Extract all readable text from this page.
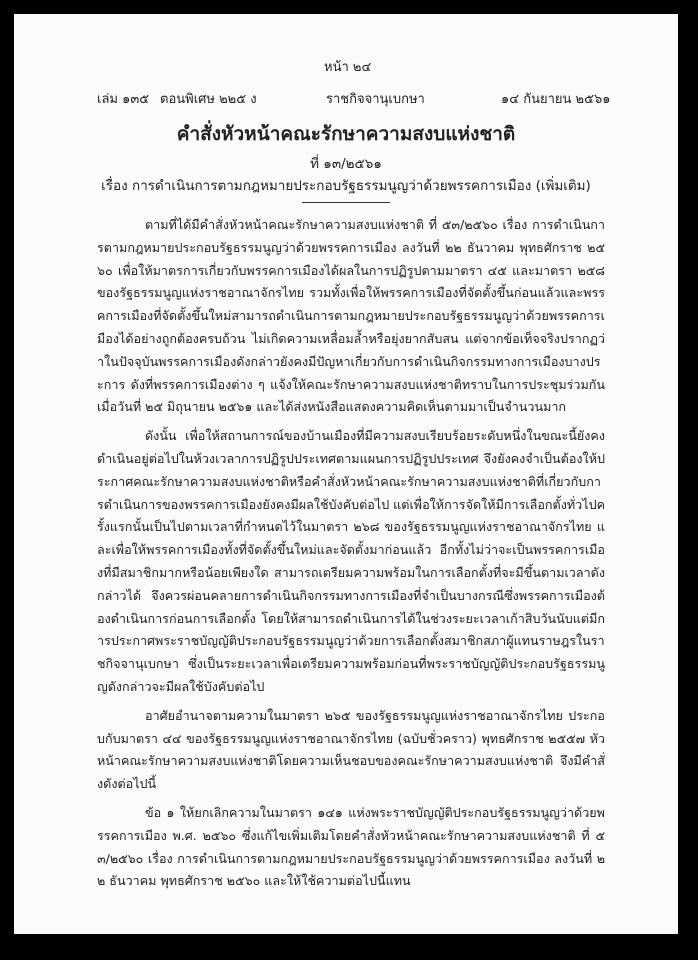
หน้า ๒๔
เล่ม ๑๓๕ ตอนพิเศษ ๒๒๕ ง	ราชกิจจานุเบกษา	๑๔ กันยายน ๒๕๖๑
คำสั่งหัวหน้าคณะรักษาความสงบแห่งชาติ
ที่ ๑๓/๒๕๖๑
เรื่อง การดำเนินการตามกฎหมายประกอบรัฐธรรมนูญว่าด้วยพรรคการเมือง (เพิ่มเติม)

ตามที่ได้มีคำสั่งหัวหน้าคณะรักษาความสงบแห่งชาติ ที่ ๕๓/๒๕๖๐ เรื่อง การดำเนินการตามกฎหมายประกอบรัฐธรรมนูญว่าด้วยพรรคการเมือง ลงวันที่ ๒๒ ธันวาคม พุทธศักราช ๒๕๖๐ เพื่อให้มาตรการเกี่ยวกับพรรคการเมืองได้ผลในการปฏิรูปตามมาตรา ๔๕ และมาตรา ๒๕๘ ของรัฐธรรมนูญแห่งราชอาณาจักรไทย รวมทั้งเพื่อให้พรรคการเมืองที่จัดตั้งขึ้นก่อนแล้วและพรรคการเมืองที่จัดตั้งขึ้นใหม่สามารถดำเนินการตามกฎหมายประกอบรัฐธรรมนูญว่าด้วยพรรคการเมืองได้อย่างถูกต้องครบถ้วน ไม่เกิดความเหลื่อมล้ำหรือยุ่งยากสับสน แต่จากข้อเท็จจริงปรากฏว่าในปัจจุบันพรรคการเมืองดังกล่าวยังคงมีปัญหาเกี่ยวกับการดำเนินกิจกรรมทางการเมืองบางประการ ดังที่พรรคการเมืองต่าง ๆ แจ้งให้คณะรักษาความสงบแห่งชาติทราบในการประชุมร่วมกันเมื่อวันที่ ๒๕ มิถุนายน ๒๕๖๑ และได้ส่งหนังสือแสดงความคิดเห็นตามมาเป็นจำนวนมาก

ดังนั้น เพื่อให้สถานการณ์ของบ้านเมืองที่มีความสงบเรียบร้อยระดับหนึ่งในขณะนี้ยังคงดำเนินอยู่ต่อไปในห้วงเวลาการปฏิรูปประเทศตามแผนการปฏิรูปประเทศ จึงยังคงจำเป็นต้องให้ประกาศคณะรักษาความสงบแห่งชาติหรือคำสั่งหัวหน้าคณะรักษาความสงบแห่งชาติที่เกี่ยวกับการดำเนินการของพรรคการเมืองยังคงมีผลใช้บังคับต่อไป แต่เพื่อให้การจัดให้มีการเลือกตั้งทั่วไปครั้งแรกนั้นเป็นไปตามเวลาที่กำหนดไว้ในมาตรา ๒๖๘ ของรัฐธรรมนูญแห่งราชอาณาจักรไทย และเพื่อให้พรรคการเมืองทั้งที่จัดตั้งขึ้นใหม่และจัดตั้งมาก่อนแล้ว อีกทั้งไม่ว่าจะเป็นพรรคการเมืองที่มีสมาชิกมากหรือน้อยเพียงใด สามารถเตรียมความพร้อมในการเลือกตั้งที่จะมีขึ้นตามเวลาดังกล่าวได้ จึงควรผ่อนคลายการดำเนินกิจกรรมทางการเมืองที่จำเป็นบางกรณีซึ่งพรรคการเมืองต้องดำเนินการก่อนการเลือกตั้ง โดยให้สามารถดำเนินการได้ในช่วงระยะเวลาเก้าสิบวันนับแต่มีการประกาศพระราชบัญญัติประกอบรัฐธรรมนูญว่าด้วยการเลือกตั้งสมาชิกสภาผู้แทนราษฎรในราชกิจจานุเบกษา ซึ่งเป็นระยะเวลาเพื่อเตรียมความพร้อมก่อนที่พระราชบัญญัติประกอบรัฐธรรมนูญดังกล่าวจะมีผลใช้บังคับต่อไป

อาศัยอำนาจตามความในมาตรา ๒๖๕ ของรัฐธรรมนูญแห่งราชอาณาจักรไทย ประกอบกับมาตรา ๔๔ ของรัฐธรรมนูญแห่งราชอาณาจักรไทย (ฉบับชั่วคราว) พุทธศักราช ๒๕๕๗ หัวหน้าคณะรักษาความสงบแห่งชาติโดยความเห็นชอบของคณะรักษาความสงบแห่งชาติ จึงมีคำสั่งดังต่อไปนี้

ข้อ ๑ ให้ยกเลิกความในมาตรา ๑๔๑ แห่งพระราชบัญญัติประกอบรัฐธรรมนูญว่าด้วยพรรคการเมือง พ.ศ. ๒๕๖๐ ซึ่งแก้ไขเพิ่มเติมโดยคำสั่งหัวหน้าคณะรักษาความสงบแห่งชาติ ที่ ๕๓/๒๕๖๐ เรื่อง การดำเนินการตามกฎหมายประกอบรัฐธรรมนูญว่าด้วยพรรคการเมือง ลงวันที่ ๒๒ ธันวาคม พุทธศักราช ๒๕๖๐ และให้ใช้ความต่อไปนี้แทน
